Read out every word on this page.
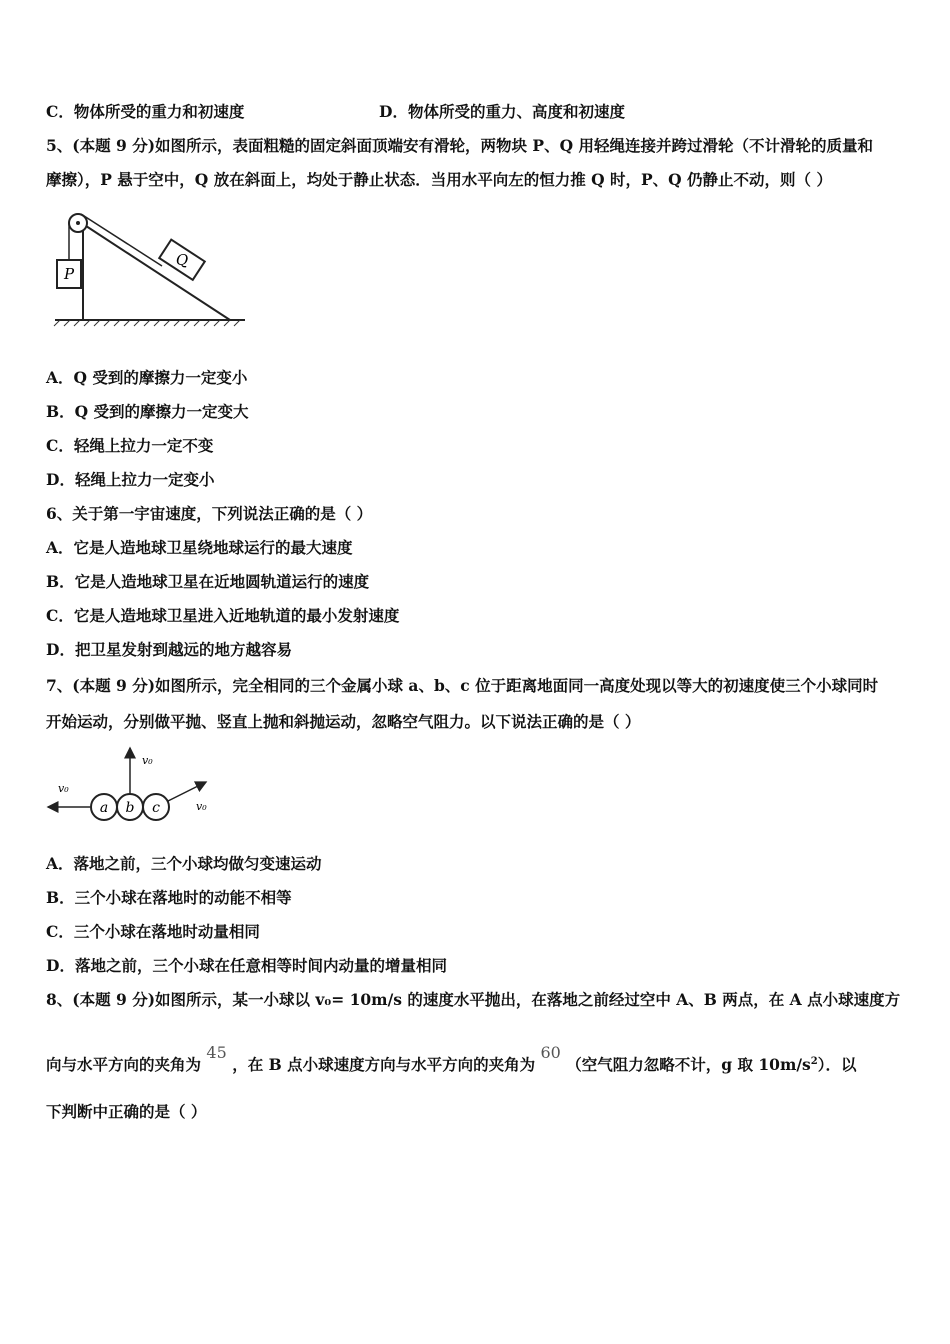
C．物体所受的重力和初速度	D．物体所受的重力、高度和初速度
5、(本题 9 分)如图所示，表面粗糙的固定斜面顶端安有滑轮，两物块 P、Q 用轻绳连接并跨过滑轮（不计滑轮的质量和
摩擦），P 悬于空中，Q 放在斜面上，均处于静止状态．当用水平向左的恒力推 Q 时，P、Q 仍静止不动，则（ ）
P
Q
A．Q 受到的摩擦力一定变小
B．Q 受到的摩擦力一定变大
C．轻绳上拉力一定不变
D．轻绳上拉力一定变小
6、关于第一宇宙速度，下列说法正确的是（ ）
A．它是人造地球卫星绕地球运行的最大速度
B．它是人造地球卫星在近地圆轨道运行的速度
C．它是人造地球卫星进入近地轨道的最小发射速度
D．把卫星发射到越远的地方越容易
7、(本题 9 分)如图所示，完全相同的三个金属小球 a、b、c 位于距离地面同一高度处现以等大的初速度使三个小球同时
开始运动，分别做平抛、竖直上抛和斜抛运动，忽略空气阻力。以下说法正确的是（ ）
v₀
v₀
v₀
a b c
A．落地之前，三个小球均做匀变速运动
B．三个小球在落地时的动能不相等
C．三个小球在落地时动量相同
D．落地之前，三个小球在任意相等时间内动量的增量相同
8、(本题 9 分)如图所示，某一小球以 v₀= 10m/s 的速度水平抛出，在落地之前经过空中 A、B 两点，在 A 点小球速度方
向与水平方向的夹角为 45 ，在 B 点小球速度方向与水平方向的夹角为 60 （空气阻力忽略不计，g 取 $10m/s^2$）．以
下判断中正确的是（ ）
